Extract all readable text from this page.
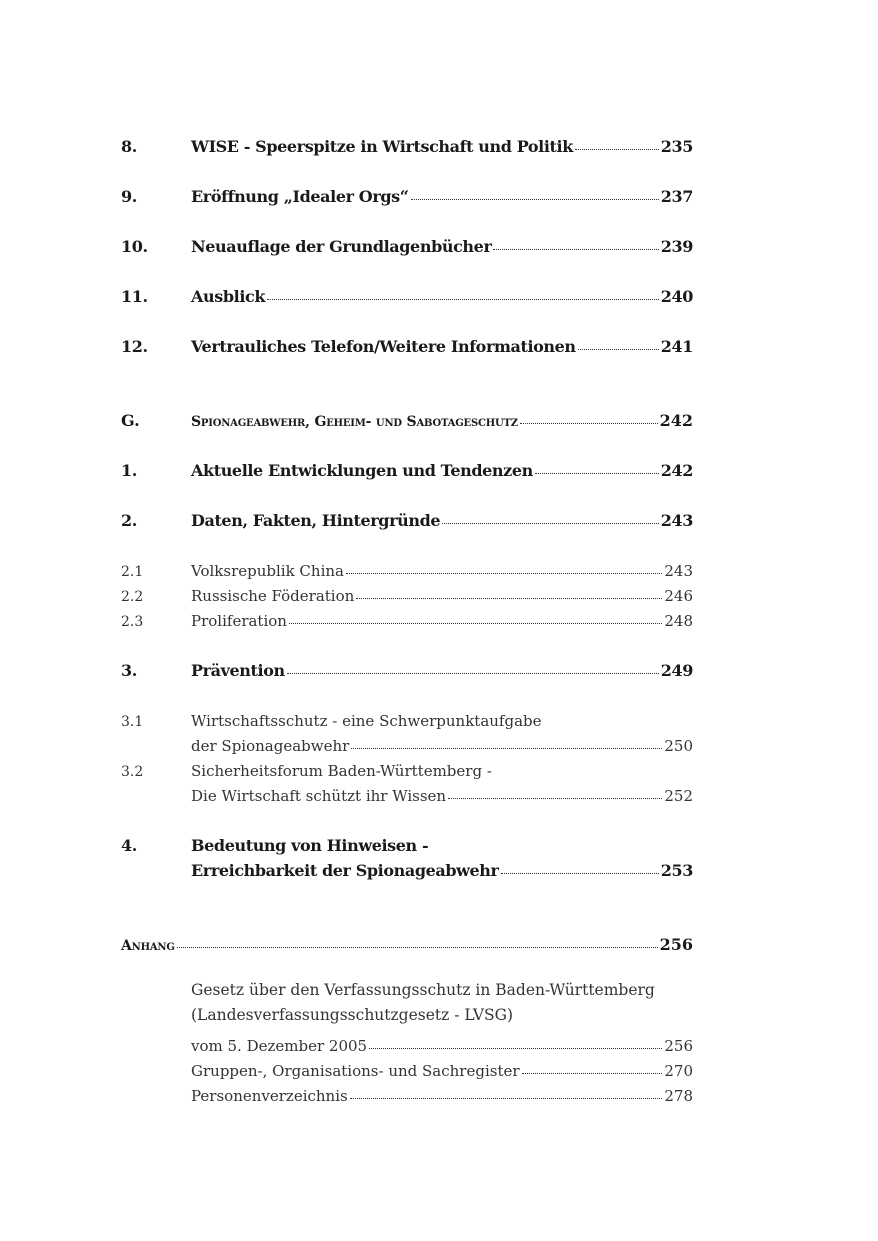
8.	WISE - Speerspitze in Wirtschaft und Politik	235
9.	Eröffnung „Idealer Orgs“	237
10.	Neuauflage der Grundlagenbücher	239
11.	Ausblick	240
12.	Vertrauliches Telefon/Weitere Informationen	241
G.	Spionageabwehr, Geheim- und Sabotageschutz	242
1.	Aktuelle Entwicklungen und Tendenzen	242
2.	Daten, Fakten, Hintergründe	243
2.1	Volksrepublik China	243
2.2	Russische Föderation	246
2.3	Proliferation	248
3.	Prävention	249
3.1	Wirtschaftsschutz - eine Schwerpunktaufgabe
der Spionageabwehr	250
3.2	Sicherheitsforum Baden-Württemberg -
Die Wirtschaft schützt ihr Wissen	252
4.	Bedeutung von Hinweisen -
Erreichbarkeit der Spionageabwehr	253
Anhang	256
Gesetz über den Verfassungsschutz in Baden-Württemberg
(Landesverfassungsschutzgesetz - LVSG)
vom 5. Dezember 2005	256
Gruppen-, Organisations- und Sachregister	270
Personenverzeichnis	278
